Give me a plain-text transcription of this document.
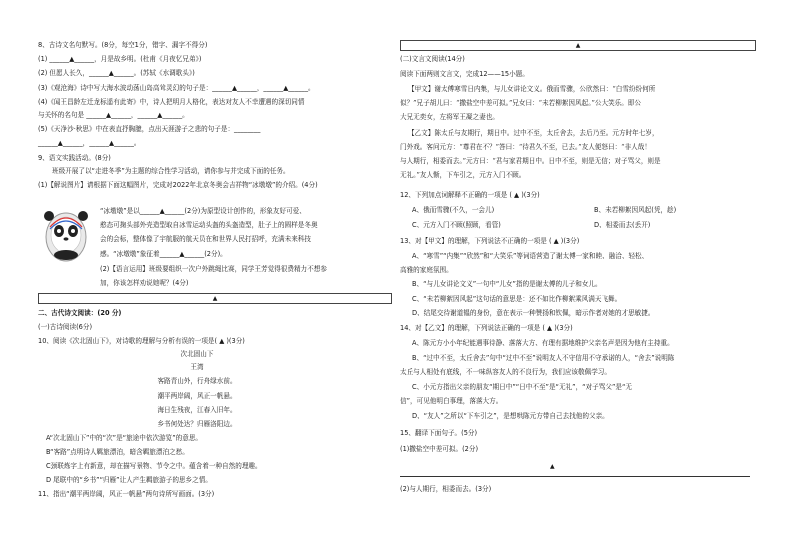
8、古诗文名句默写。(8分，每空1分，错字、漏字不得分)
(1) ______▲______，月是故乡明。(杜甫《月夜忆兄弟》)
(2) 但愿人长久，______▲______。(苏轼《水调歌头》)
(3)《观沧海》诗中写大海水波动荡山岛高耸灵幻的句子是：______▲______，______▲______。
(4)《闻王昌龄左迁龙标遥有此寄》中，诗人把明月人格化，表达对友人不幸遭遇的深切同情
与关怀的名句是 ______▲______，______▲______。
(5)《天净沙·秋思》中在表直抒胸臆，点出天涯游子之悲的句子是：________
______▲______，______▲______。
9、语文实践活动。(8分)
班级开展了以“走进冬季”为主题的综合性学习活动，请你参与并完成下面的任务。
(1)【解说图片】请根据下面这幅图片，完成对2022年北京冬奥会吉祥物“冰墩墩”的介绍。(4分)
“冰墩墩”是以______▲______(2分)为原型设计创作的，形象友好可爱、
憨态可掬头部外壳造型取自冰雪运动头盔的头盔造型，肚子上的圆样是冬奥
会的会标，整体像了宇航服的航天员在和世界人民打招呼，充满未来科技
感。“冰墩墩”象征着______▲______(2分)。
(2)【语言运用】班级要组织一次户外跳绳比赛，同学王芳觉得很费精力不想参
加，你该怎样劝说她呢？(4分)
▲
二、古代诗文阅读：(20 分)
(一)古诗阅读(6分)
10、阅读《次北固山下》，对诗歌的理解与分析有误的一项是( ▲ )(3分)
次北固山下
王湾
客路青山外，行舟绿水前。
潮平两岸阔，风正一帆悬。
海日生残夜，江春入旧年。
乡书何处达？归雁洛阳边。
A“次北固山下”中的“次”是“旅途中依次游览”的意思。
B“客路”点明诗人羁旅漂泊，暗含羁旅漂泊之愁。
C颈联炼字上有新意，却在描写景物、节令之中。蕴含着一种自然的理趣。
D 尾联中的“乡书”“归雁”让人产生羁旅游子的思乡之情。
11、指出“潮平两岸阔，风正一帆悬”两句诗所写画面。(3分)
▲
(二)文言文阅读(14分)
阅读下面两则文言文，完成12——15小题。
【甲文】谢太傅寒雪日内集，与儿女讲论文义。俄而雪骤，公欣然曰：“白雪纷纷何所
似？”兄子胡儿曰：“撒盐空中差可拟。”兄女曰：“未若柳絮因风起。”公大笑乐。即公
大兄无奕女，左将军王凝之妻也。
【乙文】陈太丘与友期行，期日中。过中不至，太丘舍去，去后乃至。元方时年七岁，
门外戏。客问元方：“尊君在不？”答曰：“待君久不至，已去。”友人便怒曰：“非人哉！
与人期行，相委而去。”元方曰：“君与家君期日中。日中不至，则是无信；对子骂父，则是
无礼。”友人惭，下车引之，元方入门不顾。
12、下列加点词解释不正确的一项是 ( ▲ )(3分)
A、俄而雪骤(不久，一会儿)	B、未若柳絮因风起(凭，趁)
C、元方入门不顾(照顾，看管)	D、相委而去(丢开)
13、对【甲文】的理解，下列说法不正确的一项是 ( ▲ )(3分)
A、“寒雪”“内集”“欣然”和“大笑乐”等词语营造了谢太傅一家和睦、融洽、轻松、
高雅的家庭氛围。
B、“与儿女讲论文义”一句中“儿女”指的是谢太傅的儿子和女儿。
C、“未若柳絮因风起”这句话的意思是：还不如比作柳絮乘风满天飞舞。
D、结尾交待谢道韫的身份，意在表示一种赞扬和钦佩，暗示作者对她的才思敏捷。
14、对【乙文】的理解，下列说法正确的一项是 ( ▲ )(3分)
A、陈元方小小年纪能遇事待静、落落大方、有理有据地维护父亲名声是因为他有主持重。
B、“过中不至，太丘舍去”句中“过中不至”说明友人不守信用不守承诺的人，“舍去”说明陈
太丘与人相处有底线，不一味纵容友人的不良行为，我们应该敬佩学习。
C、小元方指出父亲的朋友“期日中”“日中不至”是“无礼”，“对子骂父”是“无
信”，可见他明白事理，落落大方。
D、“友人”之所以“下车引之”，是想哄陈元方带自己去找他的父亲。
15、翻译下面句子。(5分)
(1)撒盐空中差可拟。(2分)
▲
(2)与人期行，相委而去。(3分)
